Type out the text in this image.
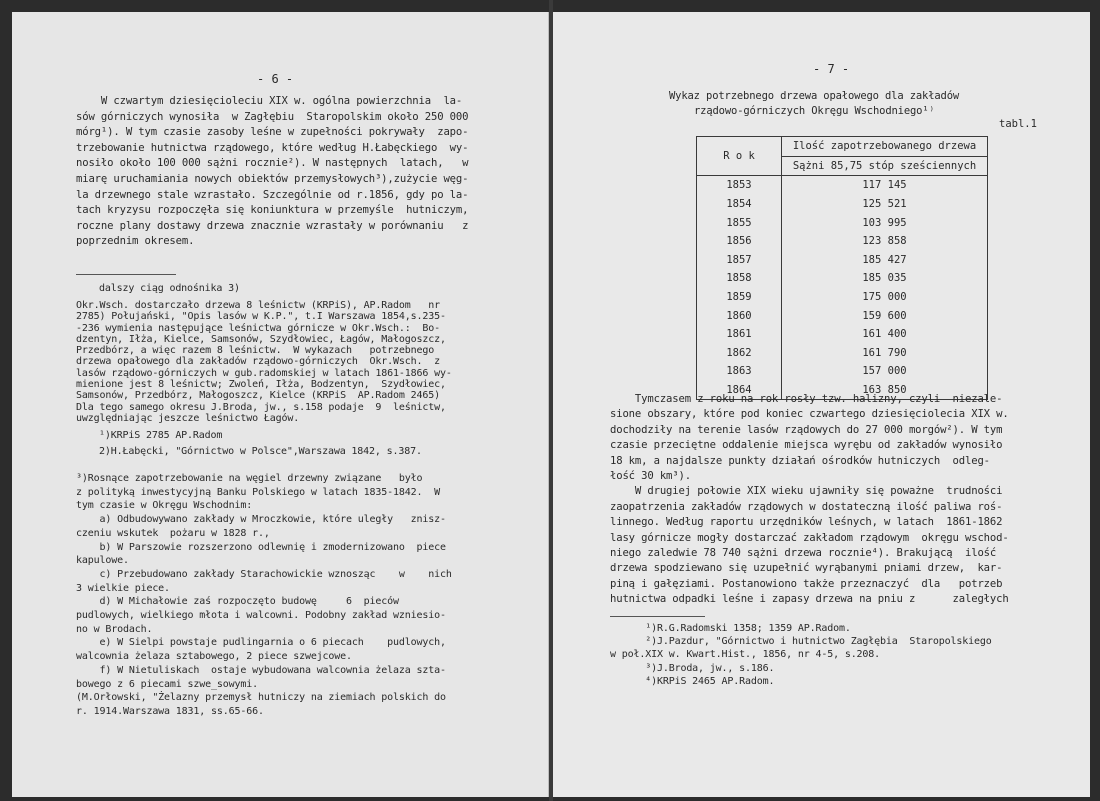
- 6 -
W czwartym dziesięcioleciu XIX w. ogólna powierzchnia  la-
sów górniczych wynosiła  w Zagłębiu  Staropolskim około 250 000
mórg¹). W tym czasie zasoby leśne w zupełności pokrywały  zapo-
trzebowanie hutnictwa rządowego, które według H.Łabęckiego  wy-
nosiło około 100 000 sążni rocznie²). W następnych  latach,   w
miarę uruchamiania nowych obiektów przemysłowych³),zużycie węg-
la drzewnego stale wzrastało. Szczególnie od r.1856, gdy po la-
tach kryzysu rozpoczęła się koniunktura w przemyśle  hutniczym,
roczne plany dostawy drzewa znacznie wzrastały w porównaniu   z
poprzednim okresem.
dalszy ciąg odnośnika 3)
Okr.Wsch. dostarczało drzewa 8 leśnictw (KRPiS), AP.Radom   nr
2785) Połujański, "Opis lasów w K.P.", t.I Warszawa 1854,s.235-
-236 wymienia następujące leśnictwa górnicze w Okr.Wsch.:  Bo-
dzentyn, Iłża, Kielce, Samsonów, Szydłowiec, Łagów, Małogoszcz,
Przedbórz, a więc razem 8 leśnictw.  W wykazach   potrzebnego
drzewa opałowego dla zakładów rządowo-górniczych  Okr.Wsch.  z
lasów rządowo-górniczych w gub.radomskiej w latach 1861-1866 wy-
mienione jest 8 leśnictw; Zwoleń, Iłża, Bodzentyn,  Szydłowiec,
Samsonów, Przedbórz, Małogoszcz, Kielce (KRPiS  AP.Radom 2465)
Dla tego samego okresu J.Broda, jw., s.158 podaje  9  leśnictw,
uwzględniając jeszcze leśnictwo Łagów.
¹)KRPiS 2785 AP.Radom
2)H.Łabęcki, "Górnictwo w Polsce",Warszawa 1842, s.387.
³)Rosnące zapotrzebowanie na węgiel drzewny związane   było
z polityką inwestycyjną Banku Polskiego w latach 1835-1842.  W
tym czasie w Okręgu Wschodnim:
a) Odbudowywano zakłady w Mroczkowie, które uległy   znisz-
czeniu wskutek  pożaru w 1828 r.,
b) W Parszowie rozszerzono odlewnię i zmodernizowano  piece
kapulowe.
c) Przebudowano zakłady Starachowickie wznosząc    w    nich
3 wielkie piece.
d) W Michałowie zaś rozpoczęto budowę     6  pieców
pudlowych, wielkiego młota i walcowni. Podobny zakład wzniesio-
no w Brodach.
e) W Sielpi powstaje pudlingarnia o 6 piecach    pudlowych,
walcownia żelaza sztabowego, 2 piece szwejcowe.
f) W Nietuliskach  ostaje wybudowana walcownia żelaza szta-
bowego z 6 piecami szwe_sowymi.
(M.Orłowski, "Żelazny przemysł hutniczy na ziemiach polskich do
r. 1914.Warszawa 1831, ss.65-66.
- 7 -
Wykaz potrzebnego drzewa opałowego dla zakładów
rządowo-górniczych Okręgu Wschodniego¹⁾
tabl.1
R o k	Ilość zapotrzebowanego drzewa
	Sążni 85,75 stóp sześciennych
1853	117 145
1854	125 521
1855	103 995
1856	123 858
1857	185 427
1858	185 035
1859	175 000
1860	159 600
1861	161 400
1862	161 790
1863	157 000
1864	163 850
Tymczasem z roku na rok rosły tzw. halizny, czyli  niezale-
sione obszary, które pod koniec czwartego dziesięciolecia XIX w.
dochodziły na terenie lasów rządowych do 27 000 morgów²). W tym
czasie przeciętne oddalenie miejsca wyrębu od zakładów wynosiło
18 km, a najdalsze punkty działań ośrodków hutniczych  odleg-
łość 30 km³).
W drugiej połowie XIX wieku ujawniły się poważne  trudności
zaopatrzenia zakładów rządowych w dostateczną ilość paliwa roś-
linnego. Według raportu urzędników leśnych, w latach  1861-1862
lasy górnicze mogły dostarczać zakładom rządowym  okręgu wschod-
niego zaledwie 78 740 sążni drzewa rocznie⁴). Brakującą  ilość
drzewa spodziewano się uzupełnić wyrąbanymi pniami drzew,  kar-
piną i gałęziami. Postanowiono także przeznaczyć  dla   potrzeb
hutnictwa odpadki leśne i zapasy drzewa na pniu z      zaległych
¹)R.G.Radomski 1358; 1359 AP.Radom.
²)J.Pazdur, "Górnictwo i hutnictwo Zagłębia  Staropolskiego
w poł.XIX w. Kwart.Hist., 1856, nr 4-5, s.208.
³)J.Broda, jw., s.186.
⁴)KRPiS 2465 AP.Radom.
